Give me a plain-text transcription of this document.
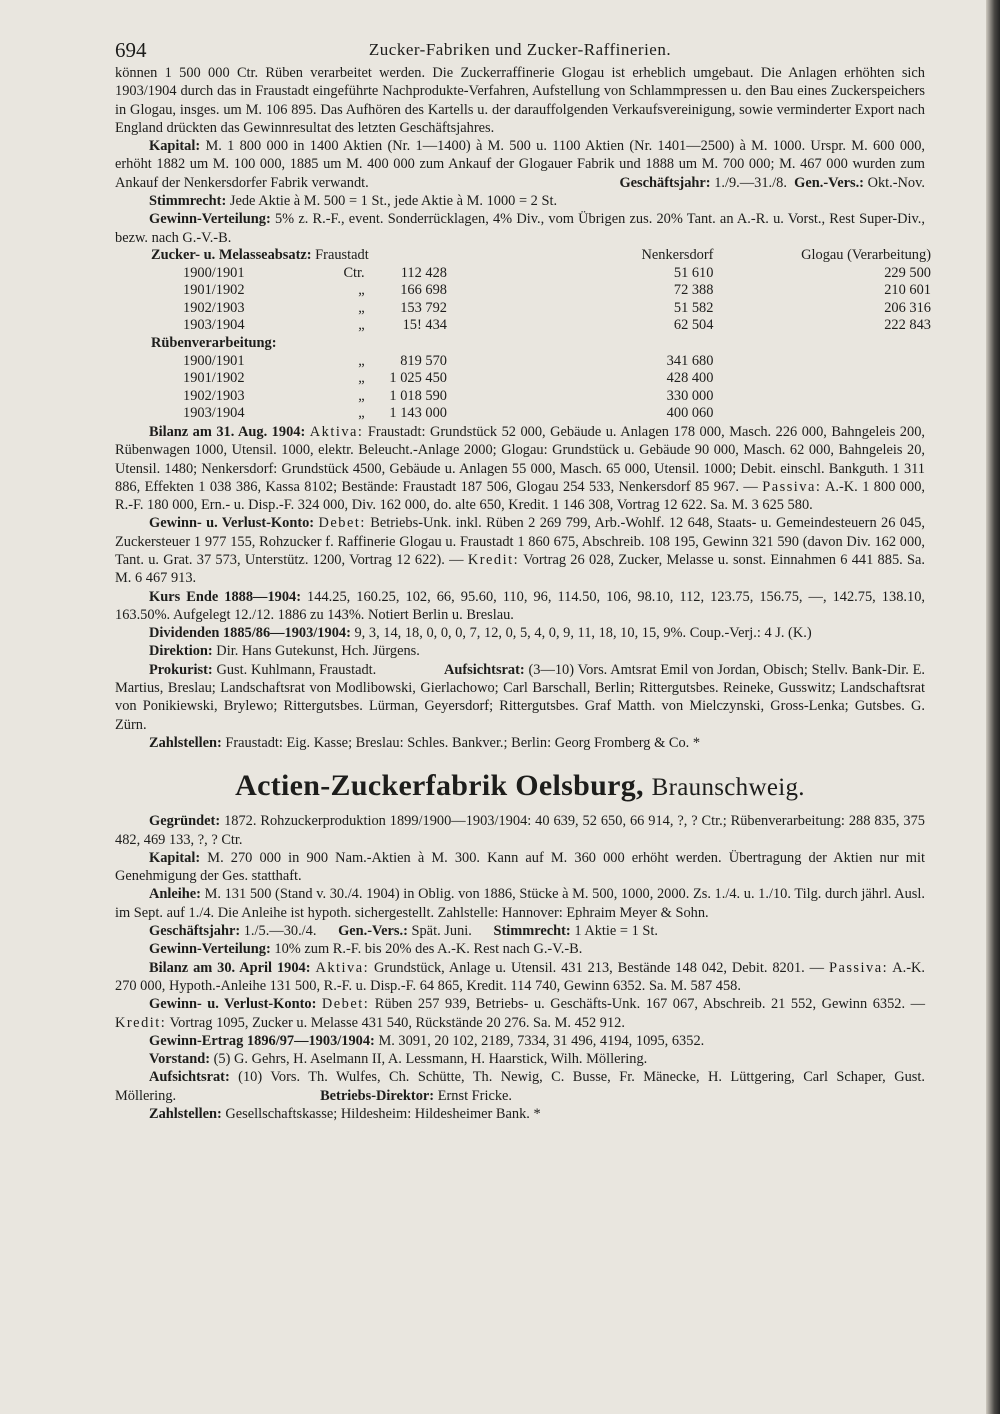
694	Zucker-Fabriken und Zucker-Raffinerien.

können 1 500 000 Ctr. Rüben verarbeitet werden. Die Zuckerraffinerie Glogau ist erheblich umgebaut. Die Anlagen erhöhten sich 1903/1904 durch das in Fraustadt eingeführte Nachprodukte-Verfahren, Aufstellung von Schlammpressen u. den Bau eines Zuckerspeichers in Glogau, insges. um M. 106 895. Das Aufhören des Kartells u. der darauffolgenden Verkaufsvereinigung, sowie verminderter Export nach England drückten das Gewinnresultat des letzten Geschäftsjahres.

Kapital: M. 1 800 000 in 1400 Aktien (Nr. 1—1400) à M. 500 u. 1100 Aktien (Nr. 1401—2500) à M. 1000. Urspr. M. 600 000, erhöht 1882 um M. 100 000, 1885 um M. 400 000 zum Ankauf der Glogauer Fabrik und 1888 um M. 700 000; M. 467 000 wurden zum Ankauf der Nenkersdorfer Fabrik verwandt.	Geschäftsjahr: 1./9.—31./8. Gen.-Vers.: Okt.-Nov.

Stimmrecht: Jede Aktie à M. 500 = 1 St., jede Aktie à M. 1000 = 2 St.

Gewinn-Verteilung: 5% z. R.-F., event. Sonderrücklagen, 4% Div., vom Übrigen zus. 20% Tant. an A.-R. u. Vorst., Rest Super-Div., bezw. nach G.-V.-B.

Zucker- u. Melasseabsatz: Fraustadt			Nenkersdorf	Glogau (Verarbeitung)
1900/1901	Ctr.	112 428	51 610	229 500
1901/1902	„	166 698	72 388	210 601
1902/1903	„	153 792	51 582	206 316
1903/1904	„	15! 434	62 504	222 843
Rübenverarbeitung:				
1900/1901	„	819 570	341 680	
1901/1902	„	1 025 450	428 400	
1902/1903	„	1 018 590	330 000	
1903/1904	„	1 143 000	400 060	

Bilanz am 31. Aug. 1904: Aktiva: Fraustadt: Grundstück 52 000, Gebäude u. Anlagen 178 000, Masch. 226 000, Bahngeleis 200, Rübenwagen 1000, Utensil. 1000, elektr. Beleucht.-Anlage 2000; Glogau: Grundstück u. Gebäude 90 000, Masch. 62 000, Bahngeleis 20, Utensil. 1480; Nenkersdorf: Grundstück 4500, Gebäude u. Anlagen 55 000, Masch. 65 000, Utensil. 1000; Debit. einschl. Bankguth. 1 311 886, Effekten 1 038 386, Kassa 8102; Bestände: Fraustadt 187 506, Glogau 254 533, Nenkersdorf 85 967. — Passiva: A.-K. 1 800 000, R.-F. 180 000, Ern.- u. Disp.-F. 324 000, Div. 162 000, do. alte 650, Kredit. 1 146 308, Vortrag 12 622. Sa. M. 3 625 580.

Gewinn- u. Verlust-Konto: Debet: Betriebs-Unk. inkl. Rüben 2 269 799, Arb.-Wohlf. 12 648, Staats- u. Gemeindesteuern 26 045, Zuckersteuer 1 977 155, Rohzucker f. Raffinerie Glogau u. Fraustadt 1 860 675, Abschreib. 108 195, Gewinn 321 590 (davon Div. 162 000, Tant. u. Grat. 37 573, Unterstütz. 1200, Vortrag 12 622). — Kredit: Vortrag 26 028, Zucker, Melasse u. sonst. Einnahmen 6 441 885. Sa. M. 6 467 913.

Kurs Ende 1888—1904: 144.25, 160.25, 102, 66, 95.60, 110, 96, 114.50, 106, 98.10, 112, 123.75, 156.75, —, 142.75, 138.10, 163.50%. Aufgelegt 12./12. 1886 zu 143%. Notiert Berlin u. Breslau.

Dividenden 1885/86—1903/1904: 9, 3, 14, 18, 0, 0, 0, 7, 12, 0, 5, 4, 0, 9, 11, 18, 10, 15, 9%. Coup.-Verj.: 4 J. (K.)

Direktion: Dir. Hans Gutekunst, Hch. Jürgens.

Prokurist: Gust. Kuhlmann, Fraustadt.	Aufsichtsrat: (3—10) Vors. Amtsrat Emil von Jordan, Obisch; Stellv. Bank-Dir. E. Martius, Breslau; Landschaftsrat von Modlibowski, Gierlachowo; Carl Barschall, Berlin; Rittergutsbes. Reineke, Gusswitz; Landschaftsrat von Ponikiewski, Brylewo; Rittergutsbes. Lürman, Geyersdorf; Rittergutsbes. Graf Matth. von Mielczynski, Gross-Lenka; Gutsbes. G. Zürn.

Zahlstellen: Fraustadt: Eig. Kasse; Breslau: Schles. Bankver.; Berlin: Georg Fromberg & Co. *

Actien-Zuckerfabrik Oelsburg, Braunschweig.

Gegründet: 1872. Rohzuckerproduktion 1899/1900—1903/1904: 40 639, 52 650, 66 914, ?, ? Ctr.; Rübenverarbeitung: 288 835, 375 482, 469 133, ?, ? Ctr.

Kapital: M. 270 000 in 900 Nam.-Aktien à M. 300. Kann auf M. 360 000 erhöht werden. Übertragung der Aktien nur mit Genehmigung der Ges. statthaft.

Anleihe: M. 131 500 (Stand v. 30./4. 1904) in Oblig. von 1886, Stücke à M. 500, 1000, 2000. Zs. 1./4. u. 1./10. Tilg. durch jährl. Ausl. im Sept. auf 1./4. Die Anleihe ist hypoth. sichergestellt. Zahlstelle: Hannover: Ephraim Meyer & Sohn.

Geschäftsjahr: 1./5.—30./4. Gen.-Vers.: Spät. Juni. Stimmrecht: 1 Aktie = 1 St.

Gewinn-Verteilung: 10% zum R.-F. bis 20% des A.-K. Rest nach G.-V.-B.

Bilanz am 30. April 1904: Aktiva: Grundstück, Anlage u. Utensil. 431 213, Bestände 148 042, Debit. 8201. — Passiva: A.-K. 270 000, Hypoth.-Anleihe 131 500, R.-F. u. Disp.-F. 64 865, Kredit. 114 740, Gewinn 6352. Sa. M. 587 458.

Gewinn- u. Verlust-Konto: Debet: Rüben 257 939, Betriebs- u. Geschäfts-Unk. 167 067, Abschreib. 21 552, Gewinn 6352. — Kredit: Vortrag 1095, Zucker u. Melasse 431 540, Rückstände 20 276. Sa. M. 452 912.

Gewinn-Ertrag 1896/97—1903/1904: M. 3091, 20 102, 2189, 7334, 31 496, 4194, 1095, 6352.

Vorstand: (5) G. Gehrs, H. Aselmann II, A. Lessmann, H. Haarstick, Wilh. Möllering.

Aufsichtsrat: (10) Vors. Th. Wulfes, Ch. Schütte, Th. Newig, C. Busse, Fr. Mänecke, H. Lüttgering, Carl Schaper, Gust. Möllering.	Betriebs-Direktor: Ernst Fricke.

Zahlstellen: Gesellschaftskasse; Hildesheim: Hildesheimer Bank. *
